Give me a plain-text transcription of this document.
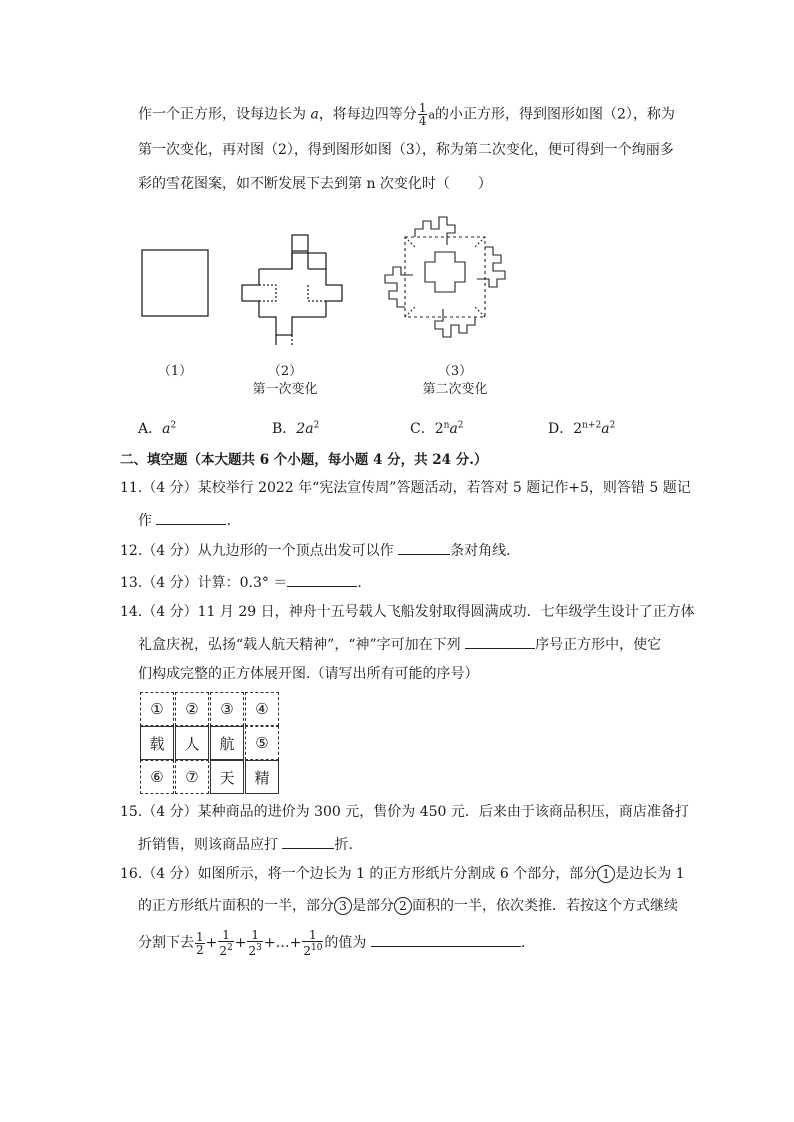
作一个正方形，设每边长为 a，将每边四等分 $\frac{1}{4}$ a的小正方形，得到图形如图（2），称为
第一次变化，再对图（2），得到图形如图（3），称为第二次变化，便可得到一个绚丽多
彩的雪花图案，如不断发展下去到第 n 次变化时（　　）
（1）	（2）
第一次变化
（3）
第二次变化
A．$a^2$	B．$2a^2$	C．$2^na^2$	D．$2^{n+2}a^2$
二、填空题（本大题共 6 个小题，每小题 4 分，共 24 分.）
11.（4 分）某校举行 2022 年“宪法宣传周”答题活动，若答对 5 题记作+5，则答错 5 题记
作	.
12.（4 分）从九边形的一个顶点出发可以作	条对角线.
13.（4 分）计算：0.3° ＝	.
14.（4 分）11 月 29 日，神舟十五号载人飞船发射取得圆满成功．七年级学生设计了正方体
礼盒庆祝，弘扬“载人航天精神”，“神”字可加在下列	序号正方形中，使它
们构成完整的正方体展开图.（请写出所有可能的序号）
①	②	③	④
载	人	航	⑤
⑥	⑦	天	精
15.（4 分）某种商品的进价为 300 元，售价为 450 元．后来由于该商品积压，商店准备打
折销售，则该商品应打	折.
16.（4 分）如图所示，将一个边长为 1 的正方形纸片分割成 6 个部分，部分 1 是边长为 1
的正方形纸片面积的一半，部分 3 是部分 2 面积的一半，依次类推．若按这个方式继续
分割下去 $\frac{1}{2} + \frac{1}{2^2} + \frac{1}{2^3}$ +…+ $\frac{1}{2^{10}}$ 的值为	.
